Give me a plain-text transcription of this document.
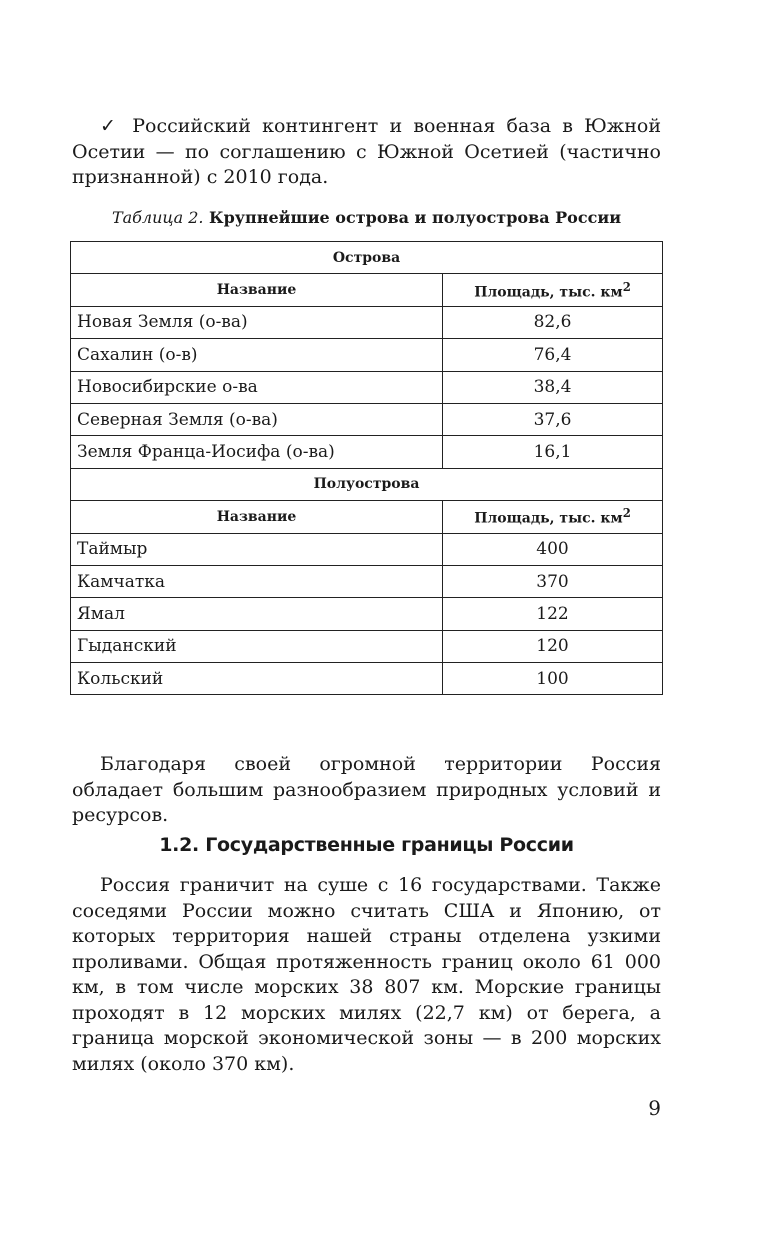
✓ Российский контингент и военная база в Южной Осетии — по соглашению с Южной Осетией (частично признанной) с 2010 года.

Таблица 2. Крупнейшие острова и полуострова России

Острова	
Название	Площадь, тыс. $км^2$
Новая Земля (о-ва)	82,6
Сахалин (о-в)	76,4
Новосибирские о-ва	38,4
Северная Земля (о-ва)	37,6
Земля Франца-Иосифа (о-ва)	16,1
Полуострова	
Название	Площадь, тыс. $км^2$
Таймыр	400
Камчатка	370
Ямал	122
Гыданский	120
Кольский	100

Благодаря своей огромной территории Россия обладает большим разнообразием природных условий и ресурсов.

1.2. Государственные границы России

Россия граничит на суше с 16 государствами. Также соседями России можно считать США и Японию, от которых территория нашей страны отделена узкими проливами. Общая протяженность границ около 61 000 км, в том числе морских 38 807 км. Морские границы проходят в 12 морских милях (22,7 км) от берега, а граница морской экономической зоны — в 200 морских милях (около 370 км).

9
